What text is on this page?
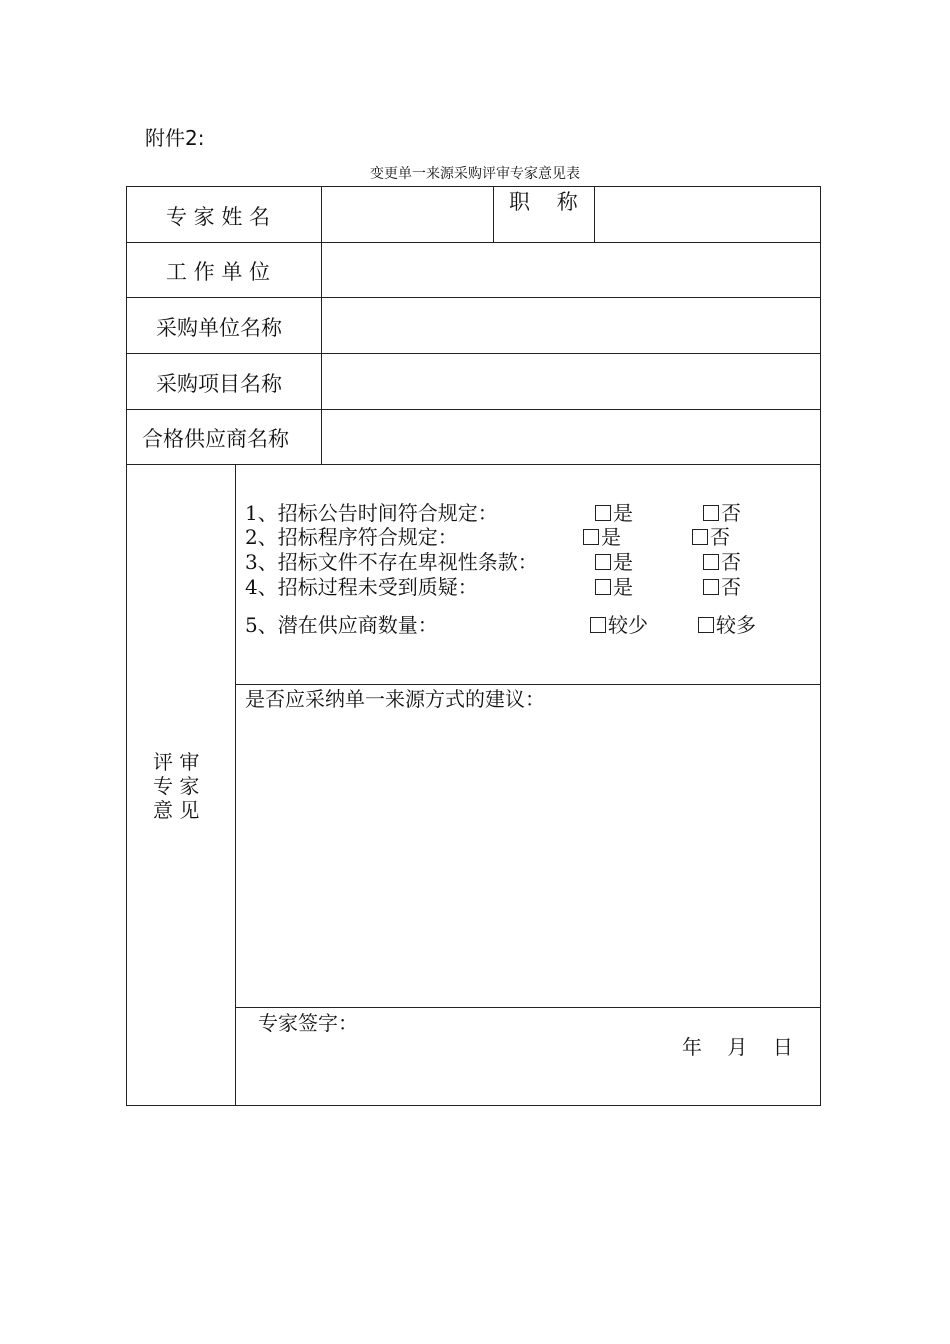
附件2:
变更单一来源采购评审专家意见表
专 家 姓 名
职    称
工 作 单 位
采购单位名称
采购项目名称
合格供应商名称
评 审
专 家
意 见
1、招标公告时间符合规定：	是	否
2、招标程序符合规定：	是	否
3、招标文件不存在卑视性条款：	是	否
4、招标过程未受到质疑：	是	否
5、潜在供应商数量：	较少	较多
是否应采纳单一来源方式的建议：
专家签字：
年    月    日
